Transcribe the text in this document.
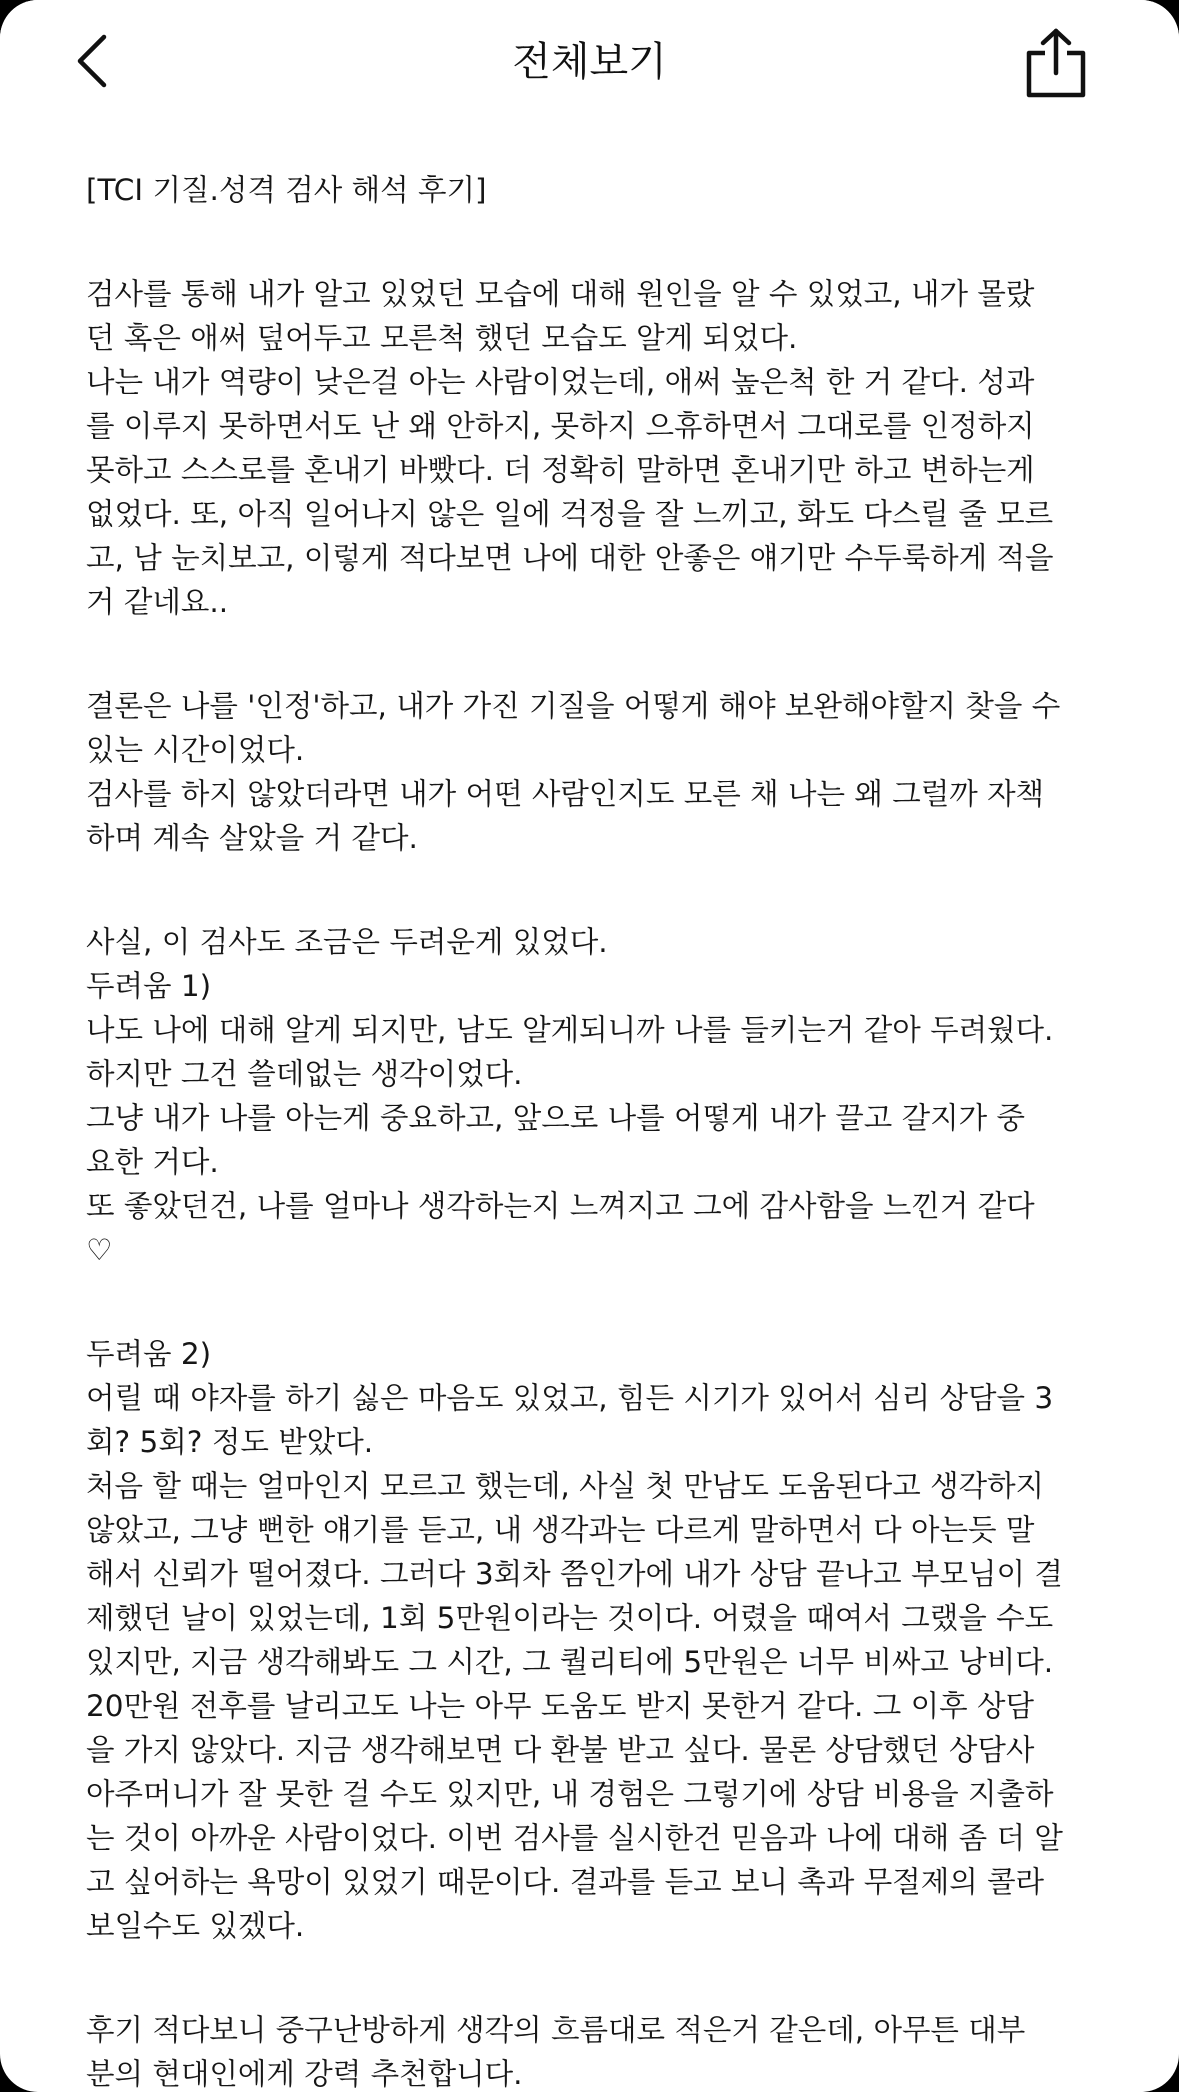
전체보기
[TCI 기질.성격 검사 해석 후기]
검사를 통해 내가 알고 있었던 모습에 대해 원인을 알 수 있었고, 내가 몰랐
던 혹은 애써 덮어두고 모른척 했던 모습도 알게 되었다.
나는 내가 역량이 낮은걸 아는 사람이었는데, 애써 높은척 한 거 같다. 성과
를 이루지 못하면서도 난 왜 안하지, 못하지 으휴하면서 그대로를 인정하지
못하고 스스로를 혼내기 바빴다. 더 정확히 말하면 혼내기만 하고 변하는게
없었다. 또, 아직 일어나지 않은 일에 걱정을 잘 느끼고, 화도 다스릴 줄 모르
고, 남 눈치보고, 이렇게 적다보면 나에 대한 안좋은 얘기만 수두룩하게 적을
거 같네요..
결론은 나를 '인정'하고, 내가 가진 기질을 어떻게 해야 보완해야할지 찾을 수
있는 시간이었다.
검사를 하지 않았더라면 내가 어떤 사람인지도 모른 채 나는 왜 그럴까 자책
하며 계속 살았을 거 같다.
사실, 이 검사도 조금은 두려운게 있었다.
두려움 1)
나도 나에 대해 알게 되지만, 남도 알게되니까 나를 들키는거 같아 두려웠다.
하지만 그건 쓸데없는 생각이었다.
그냥 내가 나를 아는게 중요하고, 앞으로 나를 어떻게 내가 끌고 갈지가 중
요한 거다.
또 좋았던건, 나를 얼마나 생각하는지 느껴지고 그에 감사함을 느낀거 같다
♡
두려움 2)
어릴 때 야자를 하기 싫은 마음도 있었고, 힘든 시기가 있어서 심리 상담을 3
회? 5회? 정도 받았다.
처음 할 때는 얼마인지 모르고 했는데, 사실 첫 만남도 도움된다고 생각하지
않았고, 그냥 뻔한 얘기를 듣고, 내 생각과는 다르게 말하면서 다 아는듯 말
해서 신뢰가 떨어졌다. 그러다 3회차 쯤인가에 내가 상담 끝나고 부모님이 결
제했던 날이 있었는데, 1회 5만원이라는 것이다. 어렸을 때여서 그랬을 수도
있지만, 지금 생각해봐도 그 시간, 그 퀄리티에 5만원은 너무 비싸고 낭비다.
20만원 전후를 날리고도 나는 아무 도움도 받지 못한거 같다. 그 이후 상담
을 가지 않았다. 지금 생각해보면 다 환불 받고 싶다. 물론 상담했던 상담사
아주머니가 잘 못한 걸 수도 있지만, 내 경험은 그렇기에 상담 비용을 지출하
는 것이 아까운 사람이었다. 이번 검사를 실시한건 믿음과 나에 대해 좀 더 알
고 싶어하는 욕망이 있었기 때문이다. 결과를 듣고 보니 촉과 무절제의 콜라
보일수도 있겠다.
후기 적다보니 중구난방하게 생각의 흐름대로 적은거 같은데, 아무튼 대부
분의 현대인에게 강력 추천합니다.
